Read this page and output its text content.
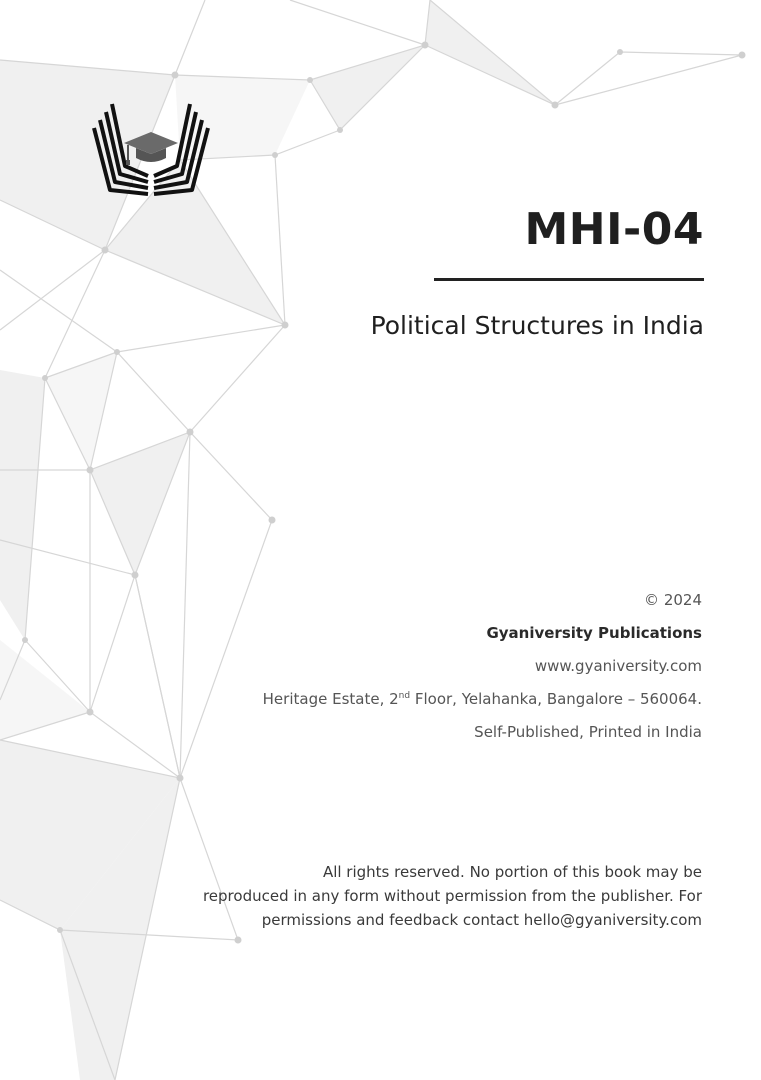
MHI-04
Political Structures in India
© 2024
Gyaniversity Publications
www.gyaniversity.com
Heritage Estate, 2nd Floor, Yelahanka, Bangalore – 560064.
Self-Published, Printed in India
All rights reserved. No portion of this book may be
reproduced in any form without permission from the publisher. For
permissions and feedback contact hello@gyaniversity.com
